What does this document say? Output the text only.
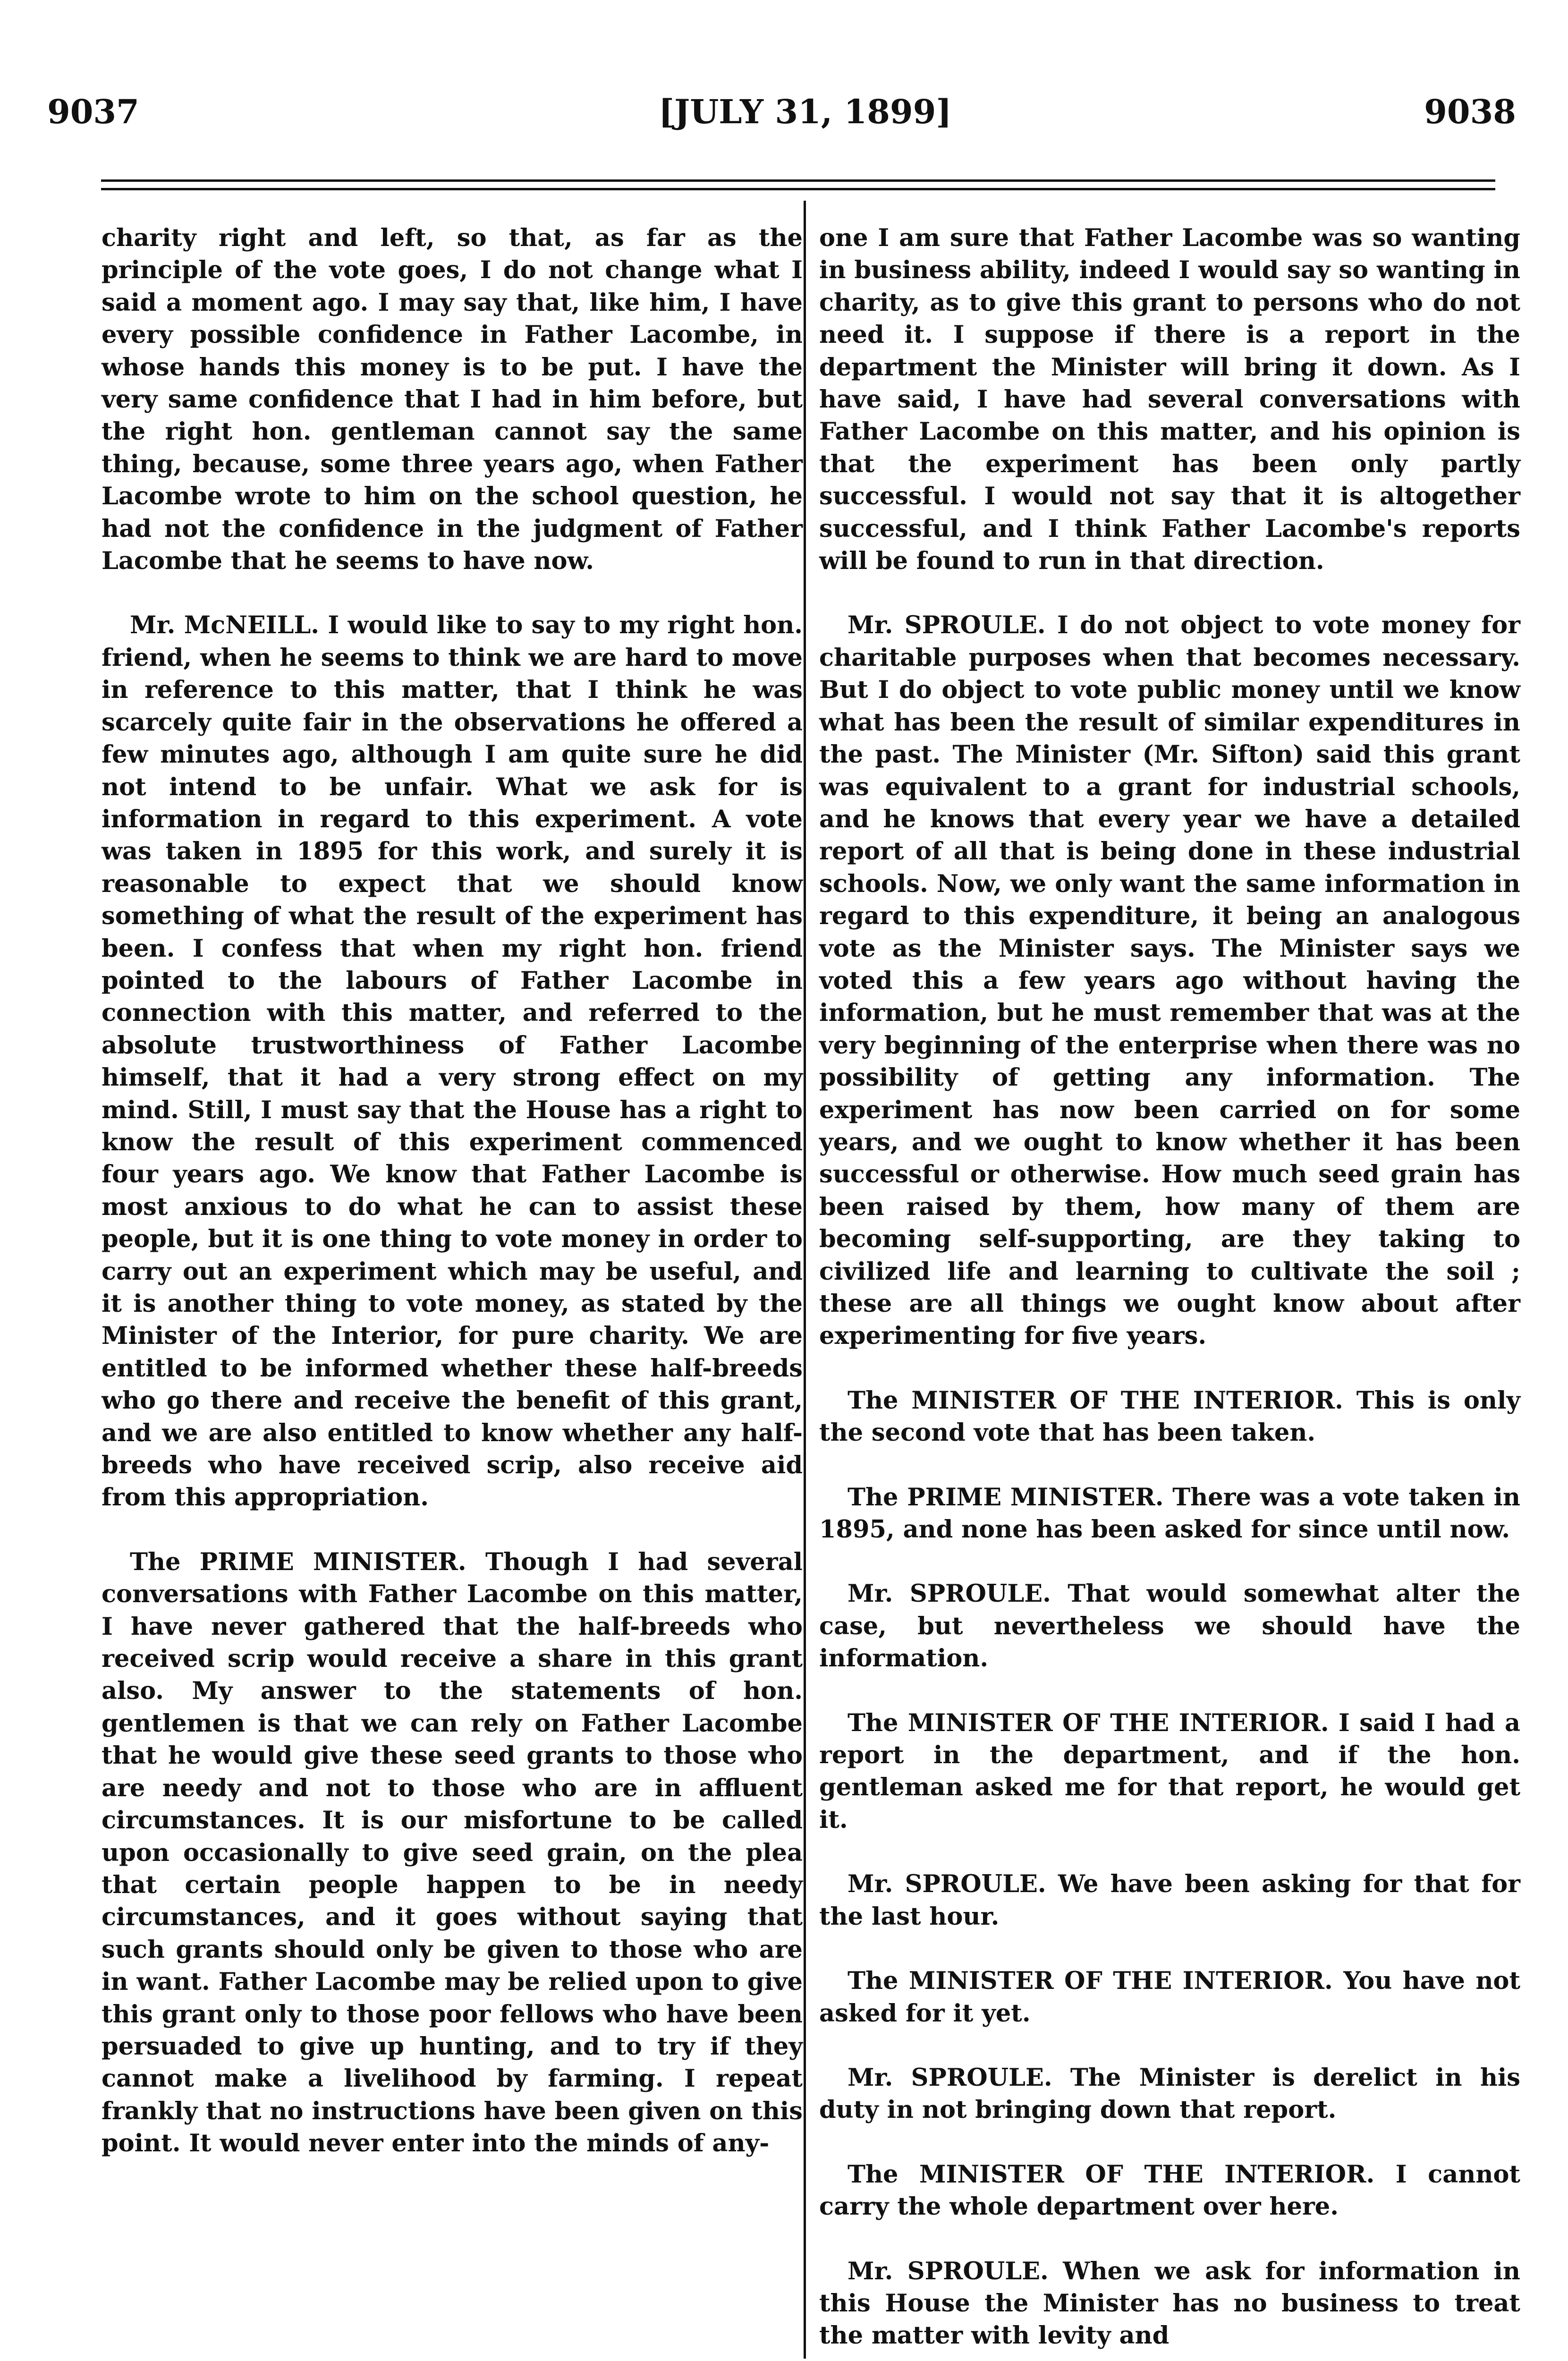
9037	[JULY 31, 1899]	9038

charity right and left, so that, as far as the principle of the vote goes, I do not change what I said a moment ago. I may say that, like him, I have every possible confidence in Father Lacombe, in whose hands this money is to be put. I have the very same confidence that I had in him before, but the right hon. gentleman cannot say the same thing, because, some three years ago, when Father Lacombe wrote to him on the school question, he had not the confidence in the judgment of Father Lacombe that he seems to have now.

Mr. McNEILL. I would like to say to my right hon. friend, when he seems to think we are hard to move in reference to this matter, that I think he was scarcely quite fair in the observations he offered a few minutes ago, although I am quite sure he did not intend to be unfair. What we ask for is information in regard to this experiment. A vote was taken in 1895 for this work, and surely it is reasonable to expect that we should know something of what the result of the experiment has been. I confess that when my right hon. friend pointed to the labours of Father Lacombe in connection with this matter, and referred to the absolute trustworthiness of Father Lacombe himself, that it had a very strong effect on my mind. Still, I must say that the House has a right to know the result of this experiment commenced four years ago. We know that Father Lacombe is most anxious to do what he can to assist these people, but it is one thing to vote money in order to carry out an experiment which may be useful, and it is another thing to vote money, as stated by the Minister of the Interior, for pure charity. We are entitled to be informed whether these half-breeds who go there and receive the benefit of this grant, and we are also entitled to know whether any half-breeds who have received scrip, also receive aid from this appropriation.

The PRIME MINISTER. Though I had several conversations with Father Lacombe on this matter, I have never gathered that the half-breeds who received scrip would receive a share in this grant also. My answer to the statements of hon. gentlemen is that we can rely on Father Lacombe that he would give these seed grants to those who are needy and not to those who are in affluent circumstances. It is our misfortune to be called upon occasionally to give seed grain, on the plea that certain people happen to be in needy circumstances, and it goes without saying that such grants should only be given to those who are in want. Father Lacombe may be relied upon to give this grant only to those poor fellows who have been persuaded to give up hunting, and to try if they cannot make a livelihood by farming. I repeat frankly that no instructions have been given on this point. It would never enter into the minds of any-

one I am sure that Father Lacombe was so wanting in business ability, indeed I would say so wanting in charity, as to give this grant to persons who do not need it. I suppose if there is a report in the department the Minister will bring it down. As I have said, I have had several conversations with Father Lacombe on this matter, and his opinion is that the experiment has been only partly successful. I would not say that it is altogether successful, and I think Father Lacombe's reports will be found to run in that direction.

Mr. SPROULE. I do not object to vote money for charitable purposes when that becomes necessary. But I do object to vote public money until we know what has been the result of similar expenditures in the past. The Minister (Mr. Sifton) said this grant was equivalent to a grant for industrial schools, and he knows that every year we have a detailed report of all that is being done in these industrial schools. Now, we only want the same information in regard to this expenditure, it being an analogous vote as the Minister says. The Minister says we voted this a few years ago without having the information, but he must remember that was at the very beginning of the enterprise when there was no possibility of getting any information. The experiment has now been carried on for some years, and we ought to know whether it has been successful or otherwise. How much seed grain has been raised by them, how many of them are becoming self-supporting, are they taking to civilized life and learning to cultivate the soil ; these are all things we ought know about after experimenting for five years.

The MINISTER OF THE INTERIOR. This is only the second vote that has been taken.

The PRIME MINISTER. There was a vote taken in 1895, and none has been asked for since until now.

Mr. SPROULE. That would somewhat alter the case, but nevertheless we should have the information.

The MINISTER OF THE INTERIOR. I said I had a report in the department, and if the hon. gentleman asked me for that report, he would get it.

Mr. SPROULE. We have been asking for that for the last hour.

The MINISTER OF THE INTERIOR. You have not asked for it yet.

Mr. SPROULE. The Minister is derelict in his duty in not bringing down that report.

The MINISTER OF THE INTERIOR. I cannot carry the whole department over here.

Mr. SPROULE. When we ask for information in this House the Minister has no business to treat the matter with levity and
